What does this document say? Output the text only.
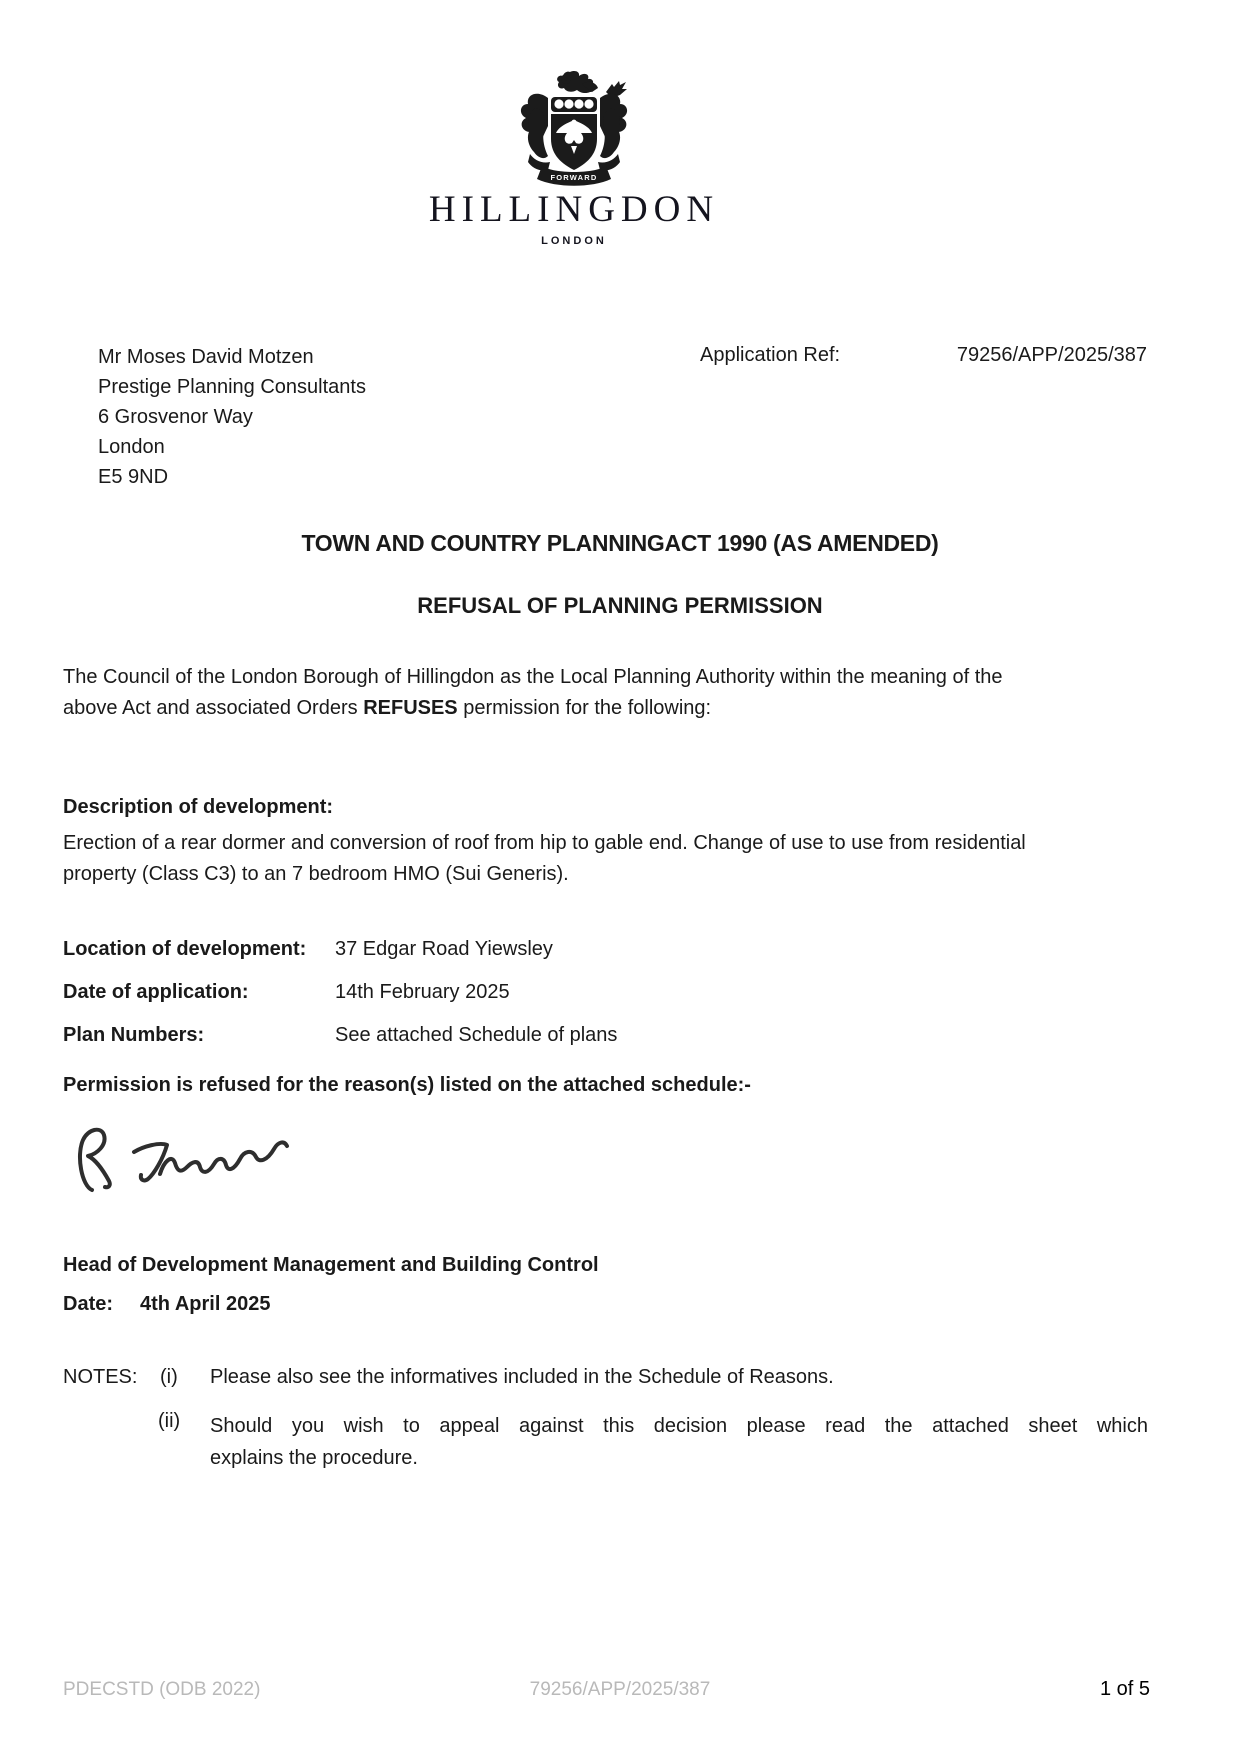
FORWARD
HILLINGDON
LONDON
Mr Moses David Motzen
Prestige Planning Consultants
6 Grosvenor Way
London
E5 9ND
Application Ref:	79256/APP/2025/387
TOWN AND COUNTRY PLANNINGACT 1990 (AS AMENDED)
REFUSAL OF PLANNING PERMISSION
The Council of the London Borough of Hillingdon as the Local Planning Authority within the meaning of the
above Act and associated Orders REFUSES permission for the following:
Description of development:
Erection of a rear dormer and conversion of roof from hip to gable end. Change of use to use from residential
property (Class C3) to an 7 bedroom HMO (Sui Generis).
Location of development: 37 Edgar Road Yiewsley
Date of application:	14th February 2025
Plan Numbers:	See attached Schedule of plans
Permission is refused for the reason(s) listed on the attached schedule:-
Head of Development Management and Building Control
Date: 4th April 2025
NOTES: (i) Please also see the informatives included in the Schedule of Reasons.
(ii) Should you wish to appeal against this decision please read the attached sheet which
explains the procedure.
PDECSTD (ODB 2022)	79256/APP/2025/387	1 of 5
